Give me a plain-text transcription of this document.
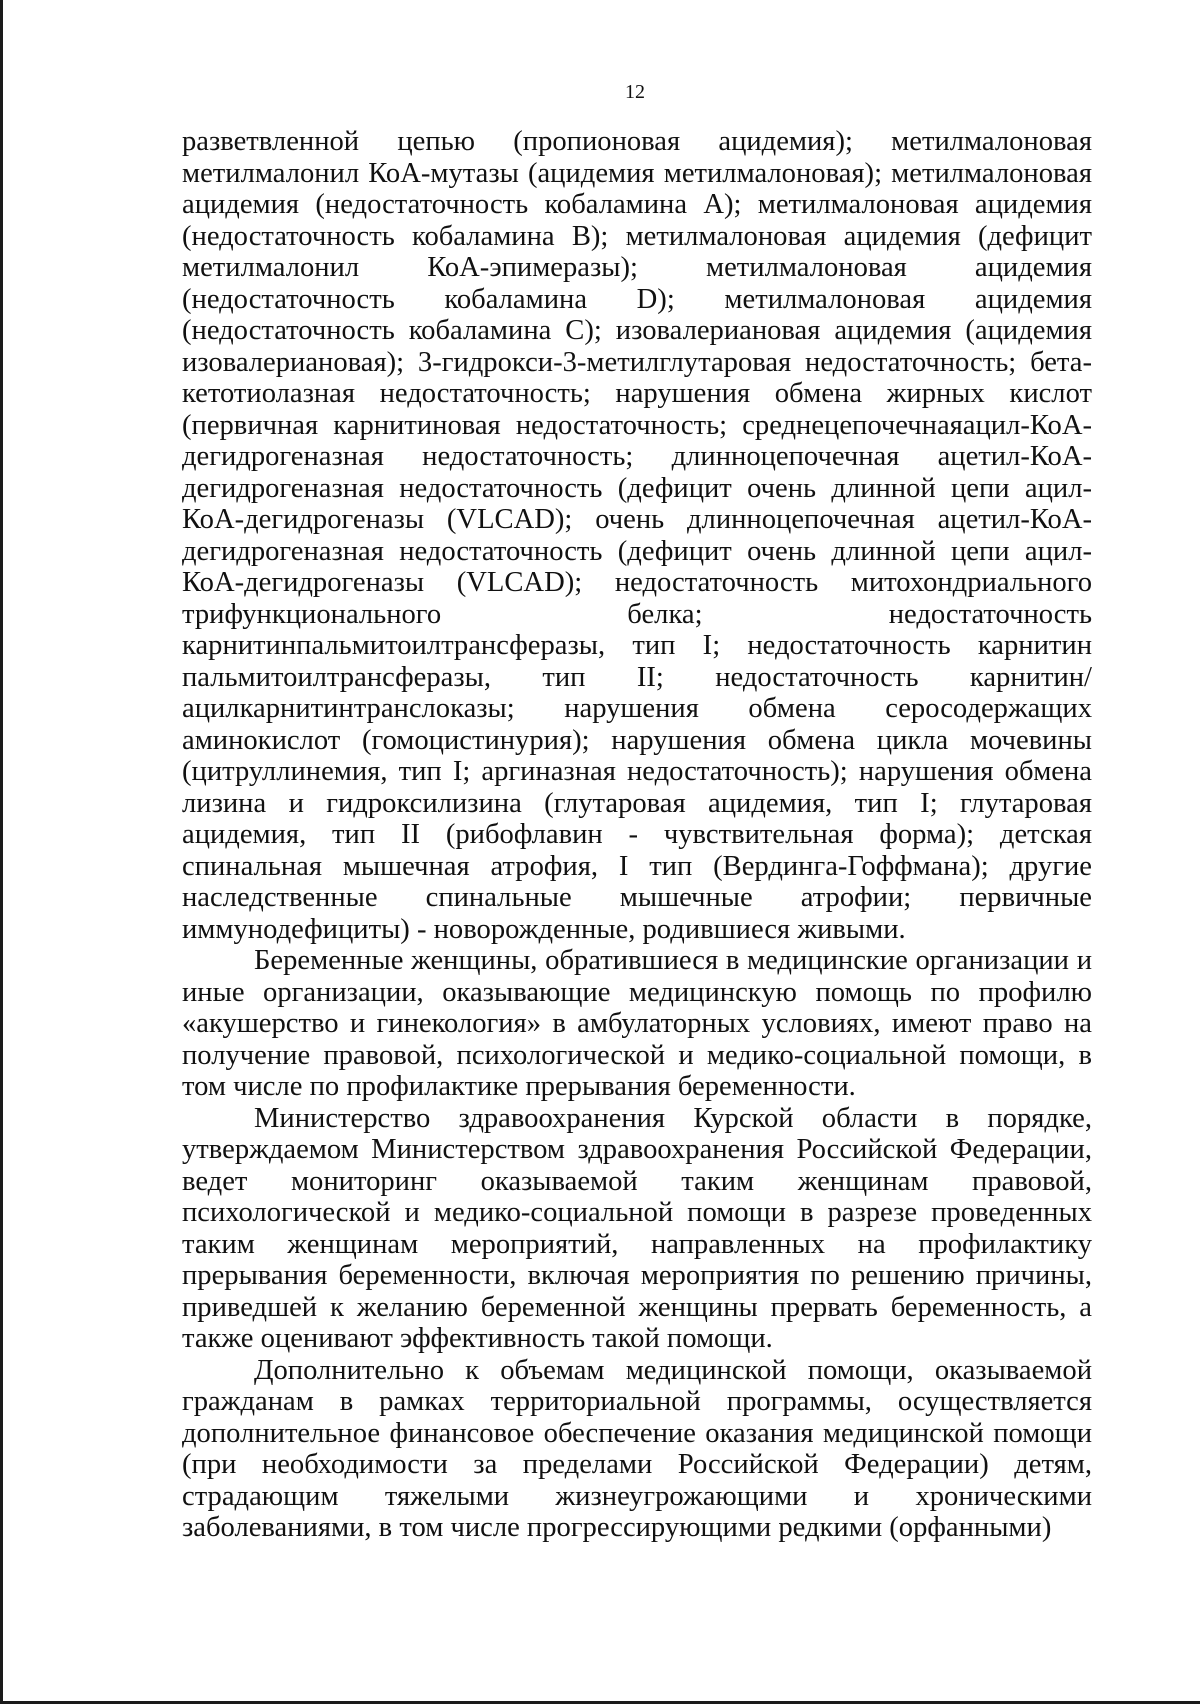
12

разветвленной цепью (пропионовая ацидемия); метилмалоновая метилмалонил КоА-мутазы (ацидемия метилмалоновая); метилмалоновая ацидемия (недостаточность кобаламина А); метилмалоновая ацидемия (недостаточность кобаламина В); метилмалоновая ацидемия (дефицит метилмалонил КоА-эпимеразы); метилмалоновая ацидемия (недостаточность кобаламина D); метилмалоновая ацидемия (недостаточность кобаламина С); изовалериановая ацидемия (ацидемия изовалериановая); 3-гидрокси-3-метилглутаровая недостаточность; бета-кетотиолазная недостаточность; нарушения обмена жирных кислот (первичная карнитиновая недостаточность; среднецепочечнаяацил-КоА-дегидрогеназная недостаточность; длинноцепочечная ацетил-КоА-дегидрогеназная недостаточность (дефицит очень длинной цепи ацил-КоА-дегидрогеназы (VLCAD); очень длинноцепочечная ацетил-КоА-дегидрогеназная недостаточность (дефицит очень длинной цепи ацил-КоА-дегидрогеназы (VLCAD); недостаточность митохондриального трифункционального белка; недостаточность карнитинпальмитоилтрансферазы, тип I; недостаточность карнитин пальмитоилтрансферазы, тип II; недостаточность карнитин/ ацилкарнитинтранслоказы; нарушения обмена серосодержащих аминокислот (гомоцистинурия); нарушения обмена цикла мочевины (цитруллинемия, тип I; аргиназная недостаточность); нарушения обмена лизина и гидроксилизина (глутаровая ацидемия, тип I; глутаровая ацидемия, тип II (рибофлавин - чувствительная форма); детская спинальная мышечная атрофия, I тип (Вердинга-Гоффмана); другие наследственные спинальные мышечные атрофии; первичные иммунодефициты) - новорожденные, родившиеся живыми.

Беременные женщины, обратившиеся в медицинские организации и иные организации, оказывающие медицинскую помощь по профилю «акушерство и гинекология» в амбулаторных условиях, имеют право на получение правовой, психологической и медико-социальной помощи, в том числе по профилактике прерывания беременности.

Министерство здравоохранения Курской области в порядке, утверждаемом Министерством здравоохранения Российской Федерации, ведет мониторинг оказываемой таким женщинам правовой, психологической и медико-социальной помощи в разрезе проведенных таким женщинам мероприятий, направленных на профилактику прерывания беременности, включая мероприятия по решению причины, приведшей к желанию беременной женщины прервать беременность, а также оценивают эффективность такой помощи.

Дополнительно к объемам медицинской помощи, оказываемой гражданам в рамках территориальной программы, осуществляется дополнительное финансовое обеспечение оказания медицинской помощи (при необходимости за пределами Российской Федерации) детям, страдающим тяжелыми жизнеугрожающими и хроническими заболеваниями, в том числе прогрессирующими редкими (орфанными)
